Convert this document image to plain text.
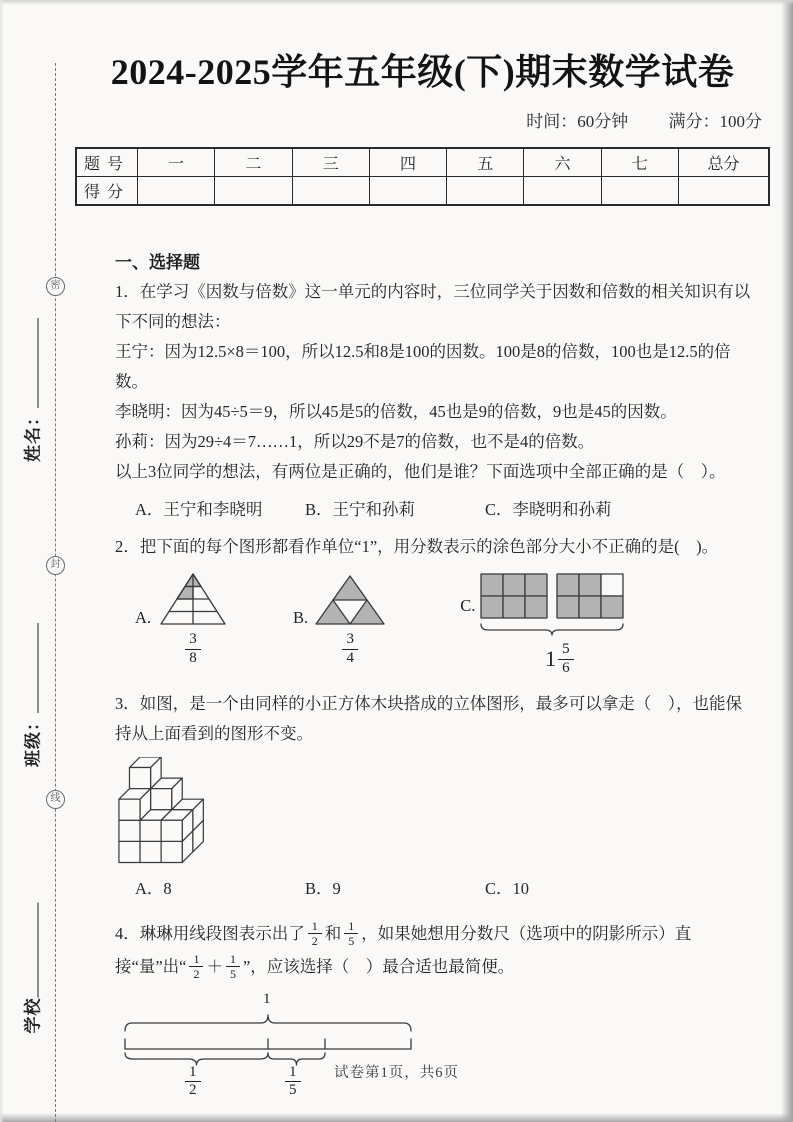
密
封
线
姓名：
班级：
学校
2024-2025学年五年级(下)期末数学试卷
时间：60分钟 满分：100分
题号	一	二	三	四	五	六	七	总分
得分								
一、选择题

1．在学习《因数与倍数》这一单元的内容时，三位同学关于因数和倍数的相关知识有以下不同的想法：

王宁：因为12.5×8＝100，所以12.5和8是100的因数。100是8的倍数，100也是12.5的倍数。

李晓明：因为45÷5＝9，所以45是5的倍数，45也是9的倍数，9也是45的因数。

孙莉：因为29÷4＝7……1，所以29不是7的倍数，也不是4的倍数。

以上3位同学的想法，有两位是正确的，他们是谁？下面选项中全部正确的是（　）。

A．王宁和李晓明	B．王宁和孙莉	C．李晓明和孙莉

2．把下面的每个图形都看作单位“1”，用分数表示的涂色部分大小不正确的是(　)。

A.
$\frac{3}{8}$
B.
$\frac{3}{4}$
C.
$1 \frac{5}{6}$

3．如图，是一个由同样的小正方体木块搭成的立体图形，最多可以拿走（　），也能保持从上面看到的图形不变。

A．8	B．9	C．10

4．琳琳用线段图表示出了 $\frac{1}{2}$ 和 $\frac{1}{5}$ ，如果她想用分数尺（选项中的阴影所示）直接“量”出“ $\frac{1}{2} + \frac{1}{5}$ ”，应该选择（　）最合适也最简便。

1
$\frac{1}{2}$	$\frac{1}{5}$	试卷第1页，共6页
